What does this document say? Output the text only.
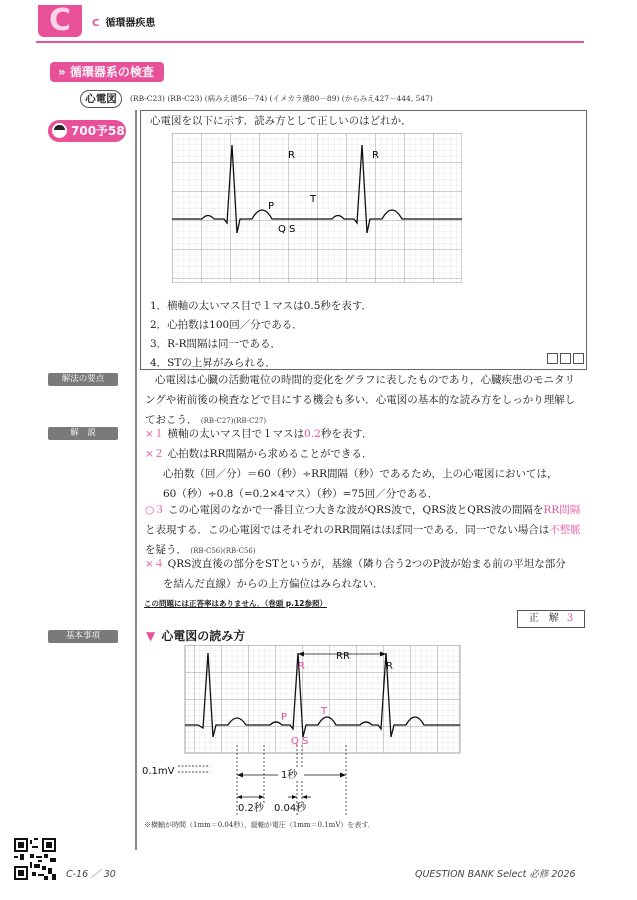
C	C 循環器疾患
» 循環器系の検査
心電図	(RB-C23) (RB-C23) (病みえ循56－74) (イメカラ循80－89) (からみえ427－444, 547)
700予58
心電図を以下に示す．読み方として正しいのはどれか．
R	R
P
T
Q S
1．横軸の太いマス目で１マスは0.5秒を表す．
2．心拍数は100回／分である．
3．R-R間隔は同一である．
4．STの上昇がみられる．
解法の要点	心電図は心臓の活動電位の時間的変化をグラフに表したものであり，心臓疾患のモニタリングや術前後の検査などで目にする機会も多い．心電図の基本的な読み方をしっかり理解しておこう． (RB-C27)(RB-C27)
解　説	×１ 横軸の太いマス目で１マスは0.2秒を表す．
×２ 心拍数はRR間隔から求めることができる．
心拍数（回／分）＝60（秒）÷RR間隔（秒）であるため，上の心電図においては，
60（秒）÷0.8（=0.2×4マス）（秒）=75回／分である．
○３ この心電図のなかで一番目立つ大きな波がQRS波で，QRS波とQRS波の間隔をRR間隔と表現する．この心電図ではそれぞれのRR間隔はほぼ同一である．同一でない場合は不整脈を疑う． (RB-C56)(RB-C56)
×４ QRS波直後の部分をSTというが，基線（隣り合う2つのP波が始まる前の平坦な部分
を結んだ直線）からの上方偏位はみられない．
この問題には正答率はありません．（巻頭 p.12参照）
正　解 3
基本事項	▼ 心電図の読み方
RR
R	R
P
T
Q S
0.1mV	1秒
0.2秒 0.04秒
※横軸が時間（1mm＝0.04秒），縦軸が電圧（1mm＝0.1mV）を表す．
C-16 ／ 30	QUESTION BANK Select 必修 2026
